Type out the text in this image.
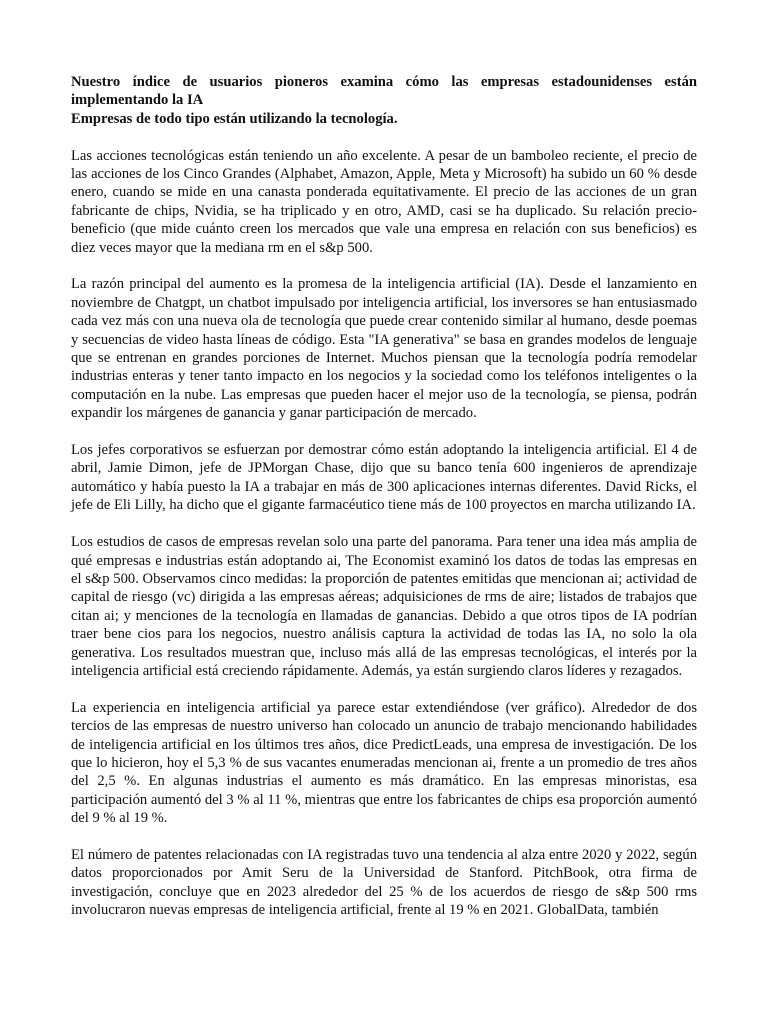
Nuestro índice de usuarios pioneros examina cómo las empresas estadounidenses están implementando la IA

Empresas de todo tipo están utilizando la tecnología.

Las acciones tecnológicas están teniendo un año excelente. A pesar de un bamboleo reciente, el precio de las acciones de los Cinco Grandes (Alphabet, Amazon, Apple, Meta y Microsoft) ha subido un 60 % desde enero, cuando se mide en una canasta ponderada equitativamente. El precio de las acciones de un gran fabricante de chips, Nvidia, se ha triplicado y en otro, AMD, casi se ha duplicado. Su relación precio-beneficio (que mide cuánto creen los mercados que vale una empresa en relación con sus beneficios) es diez veces mayor que la mediana rm en el s&p 500.

La razón principal del aumento es la promesa de la inteligencia artificial (IA). Desde el lanzamiento en noviembre de Chatgpt, un chatbot impulsado por inteligencia artificial, los inversores se han entusiasmado cada vez más con una nueva ola de tecnología que puede crear contenido similar al humano, desde poemas y secuencias de video hasta líneas de código. Esta "IA generativa" se basa en grandes modelos de lenguaje que se entrenan en grandes porciones de Internet. Muchos piensan que la tecnología podría remodelar industrias enteras y tener tanto impacto en los negocios y la sociedad como los teléfonos inteligentes o la computación en la nube. Las empresas que pueden hacer el mejor uso de la tecnología, se piensa, podrán expandir los márgenes de ganancia y ganar participación de mercado.

Los jefes corporativos se esfuerzan por demostrar cómo están adoptando la inteligencia artificial. El 4 de abril, Jamie Dimon, jefe de JPMorgan Chase, dijo que su banco tenía 600 ingenieros de aprendizaje automático y había puesto la IA a trabajar en más de 300 aplicaciones internas diferentes. David Ricks, el jefe de Eli Lilly, ha dicho que el gigante farmacéutico tiene más de 100 proyectos en marcha utilizando IA.

Los estudios de casos de empresas revelan solo una parte del panorama. Para tener una idea más amplia de qué empresas e industrias están adoptando ai, The Economist examinó los datos de todas las empresas en el s&p 500. Observamos cinco medidas: la proporción de patentes emitidas que mencionan ai; actividad de capital de riesgo (vc) dirigida a las empresas aéreas; adquisiciones de rms de aire; listados de trabajos que citan ai; y menciones de la tecnología en llamadas de ganancias. Debido a que otros tipos de IA podrían traer bene cios para los negocios, nuestro análisis captura la actividad de todas las IA, no solo la ola generativa. Los resultados muestran que, incluso más allá de las empresas tecnológicas, el interés por la inteligencia artificial está creciendo rápidamente. Además, ya están surgiendo claros líderes y rezagados.

La experiencia en inteligencia artificial ya parece estar extendiéndose (ver gráfico). Alrededor de dos tercios de las empresas de nuestro universo han colocado un anuncio de trabajo mencionando habilidades de inteligencia artificial en los últimos tres años, dice PredictLeads, una empresa de investigación. De los que lo hicieron, hoy el 5,3 % de sus vacantes enumeradas mencionan ai, frente a un promedio de tres años del 2,5 %. En algunas industrias el aumento es más dramático. En las empresas minoristas, esa participación aumentó del 3 % al 11 %, mientras que entre los fabricantes de chips esa proporción aumentó del 9 % al 19 %.

El número de patentes relacionadas con IA registradas tuvo una tendencia al alza entre 2020 y 2022, según datos proporcionados por Amit Seru de la Universidad de Stanford. PitchBook, otra firma de investigación, concluye que en 2023 alrededor del 25 % de los acuerdos de riesgo de s&p 500 rms involucraron nuevas empresas de inteligencia artificial, frente al 19 % en 2021. GlobalData, también
